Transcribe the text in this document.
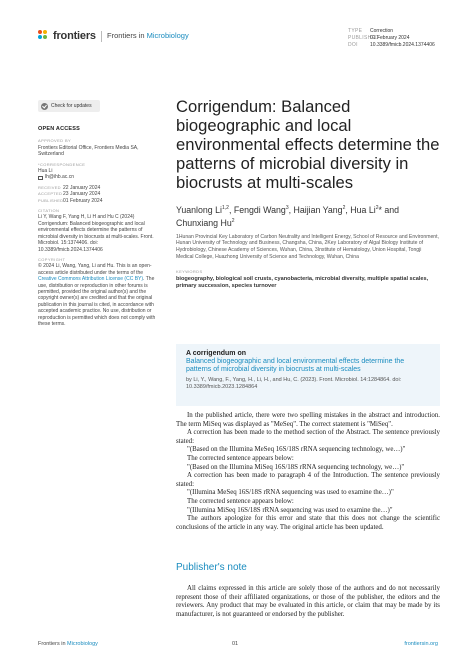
frontiers Frontiers in Microbiology	TYPE Correction
PUBLISHED01 February 2024
DOI 10.3389/fmicb.2024.1374406
Check for updates
OPEN ACCESS
APPROVED BY
Frontiers Editorial Office, Frontiers Media SA, Switzerland
*CORRESPONDENCE
Hua Li
lh@ihb.ac.cn
RECEIVED 22 January 2024
ACCEPTED 23 January 2024
PUBLISHED 01 February 2024
CITATION
Li Y, Wang F, Yang H, Li H and Hu C (2024) Corrigendum: Balanced biogeographic and local environmental effects determine the patterns of microbial diversity in biocrusts at multi-scales. Front. Microbiol. 15:1374406. doi: 10.3389/fmicb.2024.1374406
COPYRIGHT
© 2024 Li, Wang, Yang, Li and Hu. This is an open-access article distributed under the terms of the Creative Commons Attribution License (CC BY). The use, distribution or reproduction in other forums is permitted, provided the original author(s) and the copyright owner(s) are credited and that the original publication in this journal is cited, in accordance with accepted academic practice. No use, distribution or reproduction is permitted which does not comply with these terms.
Corrigendum: Balanced biogeographic and local environmental effects determine the patterns of microbial diversity in biocrusts at multi-scales
Yuanlong Li$^{1,2}$, Fengdi Wang$^3$, Haijian Yang$^2$, Hua Li$^2$* and Chunxiang Hu$^2$
1Hunan Provincial Key Laboratory of Carbon Neutrality and Intelligent Energy, School of Resource and Environment, Hunan University of Technology and Business, Changsha, China, 2Key Laboratory of Algal Biology Institute of Hydrobiology, Chinese Academy of Sciences, Wuhan, China, 3Institute of Hematology, Union Hospital, Tongji Medical College, Huazhong University of Science and Technology, Wuhan, China
KEYWORDS
biogeography, biological soil crusts, cyanobacteria, microbial diversity, multiple spatial scales, primary succession, species turnover
A corrigendum on
Balanced biogeographic and local environmental effects determine the patterns of microbial diversity in biocrusts at multi-scales
by Li, Y., Wang, F., Yang, H., Li, H., and Hu, C. (2023). Front. Microbiol. 14:1284864. doi: 10.3389/fmicb.2023.1284864

In the published article, there were two spelling mistakes in the abstract and introduction. The term MiSeq was displayed as "MeSeq". The correct statement is "MiSeq".

A correction has been made to the method section of the Abstract. The sentence previously stated:

"(Based on the Illumina MeSeq 16S/18S rRNA sequencing technology, we…)"

The corrected sentence appears below:

"(Based on the Illumina MiSeq 16S/18S rRNA sequencing technology, we…)"

A correction has been made to paragraph 4 of the Introduction. The sentence previously stated:

"(Illumina MeSeq 16S/18S rRNA sequencing was used to examine the…)"

The corrected sentence appears below:

"(Illumina MiSeq 16S/18S rRNA sequencing was used to examine the…)"

The authors apologize for this error and state that this does not change the scientific conclusions of the article in any way. The original article has been updated.

Publisher's note
All claims expressed in this article are solely those of the authors and do not necessarily represent those of their affiliated organizations, or those of the publisher, the editors and the reviewers. Any product that may be evaluated in this article, or claim that may be made by its manufacturer, is not guaranteed or endorsed by the publisher.
Frontiers in Microbiology	01	frontiersin.org
